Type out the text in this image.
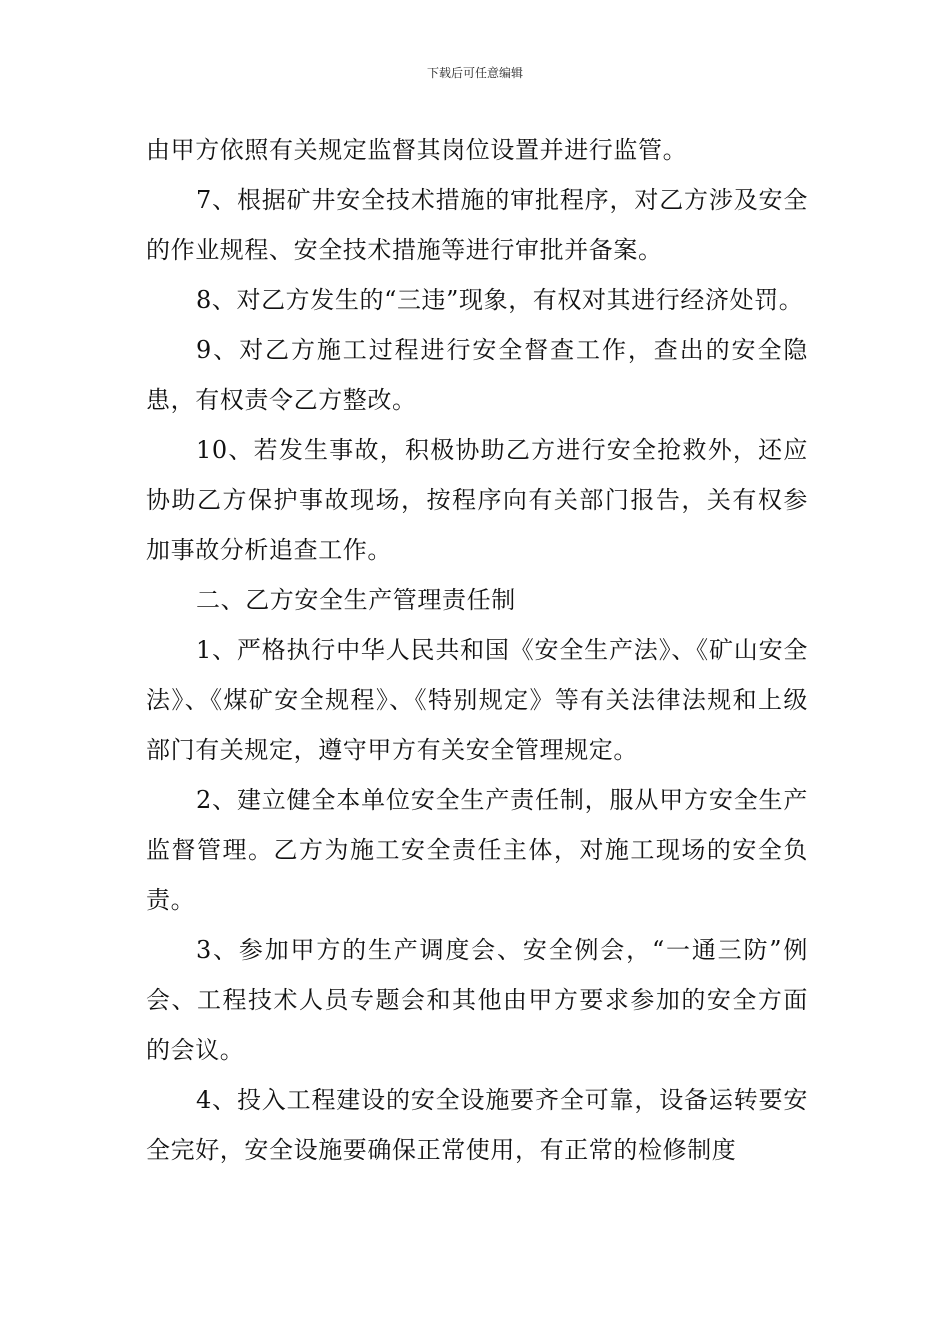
下载后可任意编辑

由甲方依照有关规定监督其岗位设置并进行监管。

7、根据矿井安全技术措施的审批程序，对乙方涉及安全的作业规程、安全技术措施等进行审批并备案。

8、对乙方发生的“三违”现象，有权对其进行经济处罚。

9、对乙方施工过程进行安全督查工作，查出的安全隐患，有权责令乙方整改。

10、若发生事故，积极协助乙方进行安全抢救外，还应协助乙方保护事故现场，按程序向有关部门报告，关有权参加事故分析追查工作。

二、乙方安全生产管理责任制

1、严格执行中华人民共和国《安全生产法》、《矿山安全法》、《煤矿安全规程》、《特别规定》等有关法律法规和上级部门有关规定，遵守甲方有关安全管理规定。

2、建立健全本单位安全生产责任制，服从甲方安全生产监督管理。乙方为施工安全责任主体，对施工现场的安全负责。

3、参加甲方的生产调度会、安全例会，“一通三防”例会、工程技术人员专题会和其他由甲方要求参加的安全方面的会议。

4、投入工程建设的安全设施要齐全可靠，设备运转要安全完好，安全设施要确保正常使用，有正常的检修制度
